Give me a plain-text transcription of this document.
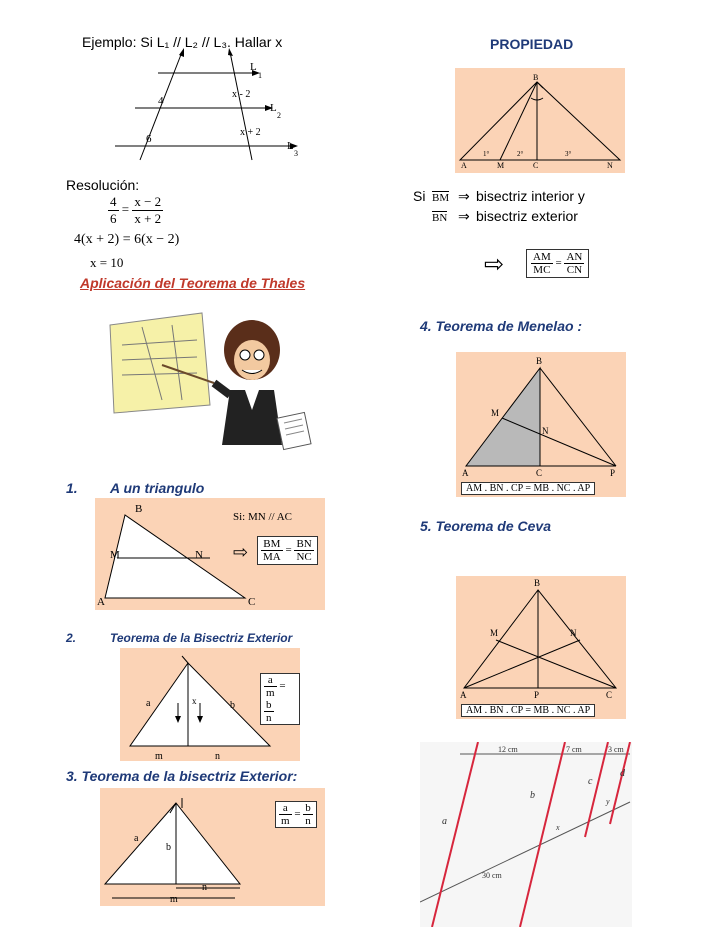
Ejemplo: Si L₁ // L₂ // L₃. Hallar x
L
1
L
2
L
3
4
6
x - 2
x + 2
Resolución:
$\frac{4}{6} = \frac{x - 2}{x + 2}$
4(x + 2) = 6(x − 2)
x = 10
Aplicación del Teorema de Thales
1. A un triangulo
B
M	N
A	C
Si: MN // AC
⇨ $\frac{BM}{MA} = \frac{BN}{NC}$
2.	Teorema de la Bisectriz Exterior
a	b
x
m	n
$\frac{a}{m}$ =
$\frac{b}{n}$
3. Teorema de la bisectriz Exterior:
a
b
n
m
$\frac{a}{m} = \frac{b}{n}$
PROPIEDAD
B
A	M	C	N
1°	2°	3°
Si BM ⇒ bisectriz interior y
BN ⇒ bisectriz exterior
⇨ $\frac{AM}{MC} = \frac{AN}{CN}$
4. Teorema de Menelao :
B
M
N
A	C	P
AM . BN . CP = MB . NC . AP
5. Teorema de Ceva
B
M	N
A	P	C
AM . BN . CP = MB . NC . AP
12 cm	7 cm	3 cm
30 cm
a
b
c
d
x
y
